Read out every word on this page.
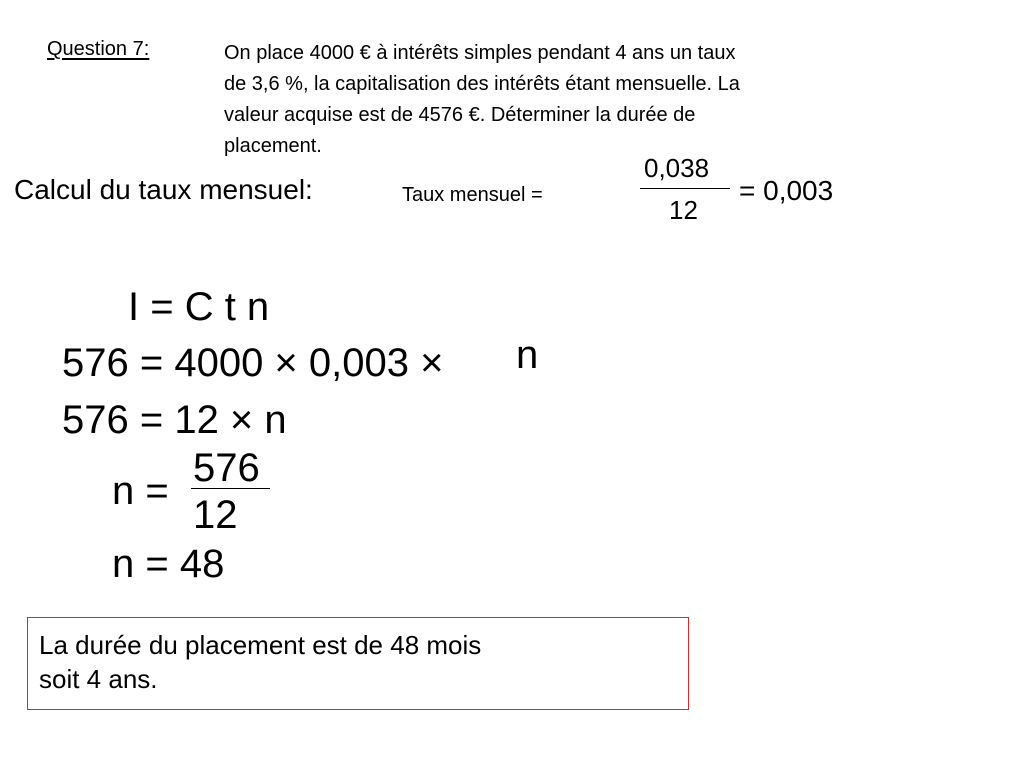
Question 7:	On place 4000 € à intérêts simples pendant 4 ans un taux
de 3,6 %, la capitalisation des intérêts étant mensuelle. La
valeur acquise est de 4576 €. Déterminer la durée de
placement.
Calcul du taux mensuel:	Taux mensuel =
0,038
12
= 0,003
I = C t n
576 = 4000 × 0,003 × n
576 = 12 × n
n =
576
12
n = 48
La durée du placement est de 48 mois
soit 4 ans.
